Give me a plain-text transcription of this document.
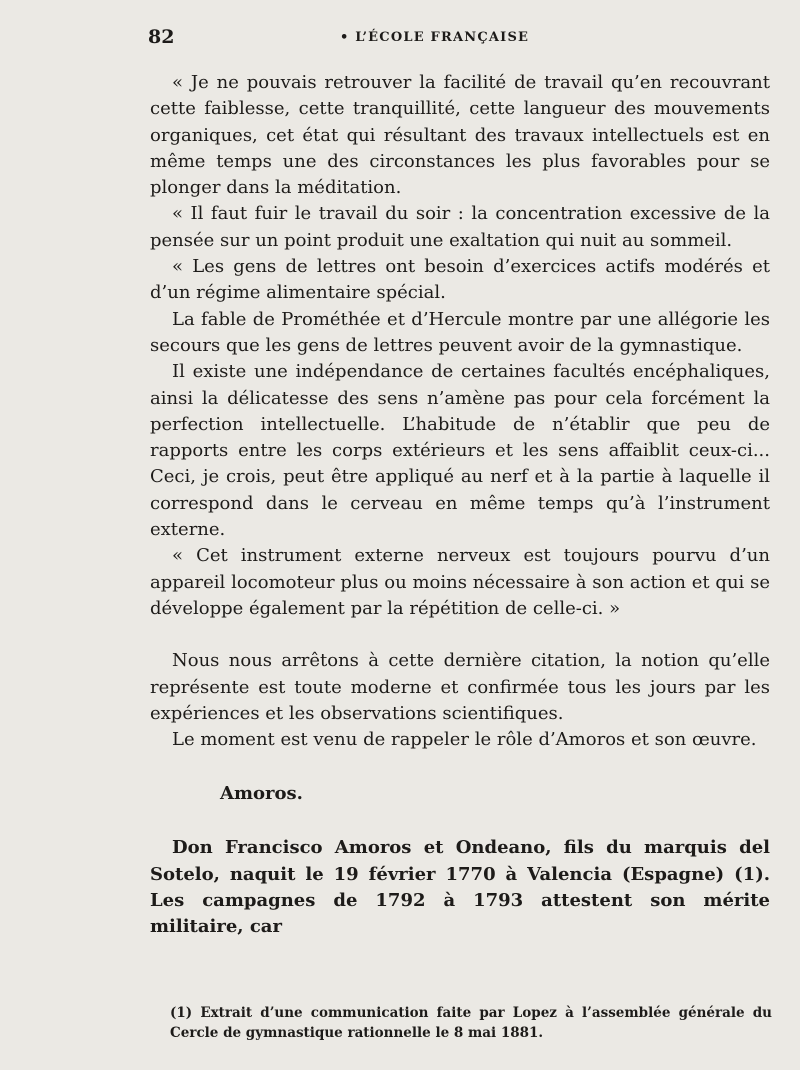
82	• L’ÉCOLE FRANÇAISE

« Je ne pouvais retrouver la facilité de travail qu’en recouvrant cette faiblesse, cette tranquillité, cette langueur des mouvements organiques, cet état qui résultant des travaux intellectuels est en même temps une des circonstances les plus favorables pour se plonger dans la méditation.

« Il faut fuir le travail du soir : la concentration excessive de la pensée sur un point produit une exaltation qui nuit au sommeil.

« Les gens de lettres ont besoin d’exercices actifs modérés et d’un régime alimentaire spécial.

La fable de Prométhée et d’Hercule montre par une allégorie les secours que les gens de lettres peuvent avoir de la gymnastique.

Il existe une indépendance de certaines facultés encéphaliques, ainsi la délicatesse des sens n’amène pas pour cela forcément la perfection intellectuelle. L’habitude de n’établir que peu de rapports entre les corps extérieurs et les sens affaiblit ceux-ci... Ceci, je crois, peut être appliqué au nerf et à la partie à laquelle il correspond dans le cerveau en même temps qu’à l’instrument externe.

« Cet instrument externe nerveux est toujours pourvu d’un appareil locomoteur plus ou moins nécessaire à son action et qui se développe également par la répétition de celle-ci. »

Nous nous arrêtons à cette dernière citation, la notion qu’elle représente est toute moderne et confirmée tous les jours par les expériences et les observations scientifiques.

Le moment est venu de rappeler le rôle d’Amoros et son œuvre.

Amoros.

Don Francisco Amoros et Ondeano, fils du marquis del Sotelo, naquit le 19 février 1770 à Valencia (Espagne) (1). Les campagnes de 1792 à 1793 attestent son mérite militaire, car

(1) Extrait d’une communication faite par Lopez à l’assemblée générale du Cercle de gymnastique rationnelle le 8 mai 1881.
